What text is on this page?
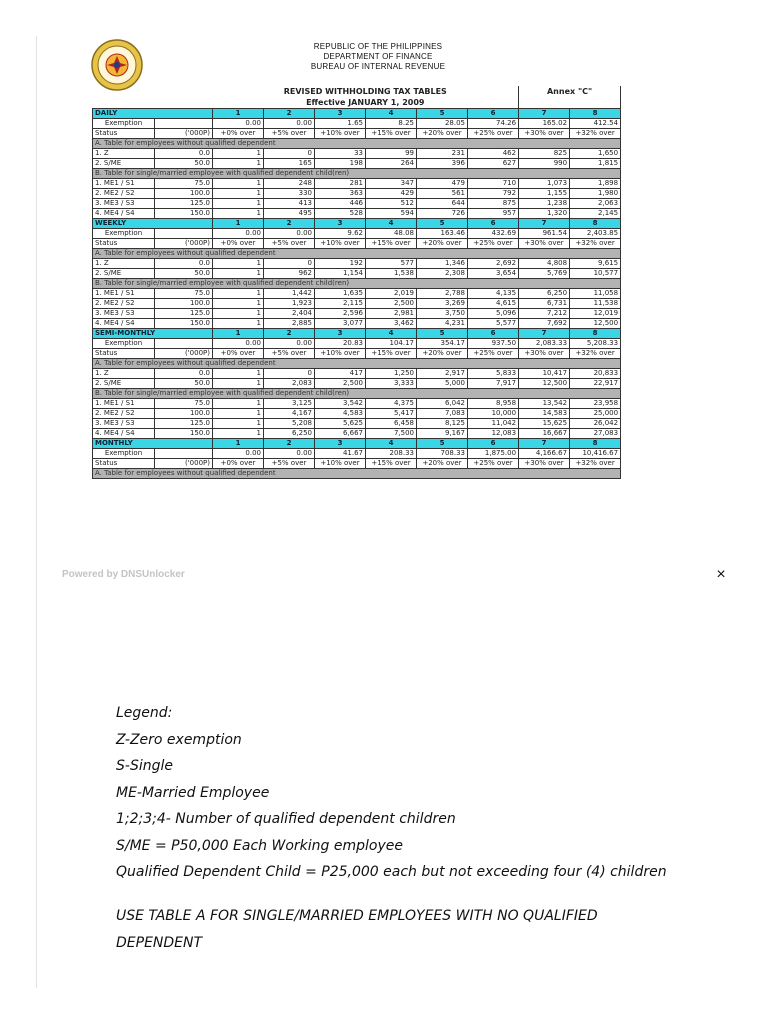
REPUBLIC OF THE PHILIPPINES
DEPARTMENT OF FINANCE
BUREAU OF INTERNAL REVENUE
		REVISED WITHHOLDING TAX TABLES						Annex "C"	
		Effective JANUARY 1, 2009							
DAILY		1	2	3	4	5	6	7	8
Exemption		0.00	0.00	1.65	8.25	28.05	74.26	165.02	412.54
Status	('000P)	+0% over	+5% over	+10% over	+15% over	+20% over	+25% over	+30% over	+32% over
A. Table for employees without qualified dependent									
1. Z	0.0	1	0	33	99	231	462	825	1,650
2. S/ME	50.0	1	165	198	264	396	627	990	1,815
B. Table for single/married employee with qualified dependent child(ren)									
1. ME1 / S1	75.0	1	248	281	347	479	710	1,073	1,898
2. ME2 / S2	100.0	1	330	363	429	561	792	1,155	1,980
3. ME3 / S3	125.0	1	413	446	512	644	875	1,238	2,063
4. ME4 / S4	150.0	1	495	528	594	726	957	1,320	2,145
WEEKLY		1	2	3	4	5	6	7	8
Exemption		0.00	0.00	9.62	48.08	163.46	432.69	961.54	2,403.85
Status	('000P)	+0% over	+5% over	+10% over	+15% over	+20% over	+25% over	+30% over	+32% over
A. Table for employees without qualified dependent									
1. Z	0.0	1	0	192	577	1,346	2,692	4,808	9,615
2. S/ME	50.0	1	962	1,154	1,538	2,308	3,654	5,769	10,577
B. Table for single/married employee with qualified dependent child(ren)									
1. ME1 / S1	75.0	1	1,442	1,635	2,019	2,788	4,135	6,250	11,058
2. ME2 / S2	100.0	1	1,923	2,115	2,500	3,269	4,615	6,731	11,538
3. ME3 / S3	125.0	1	2,404	2,596	2,981	3,750	5,096	7,212	12,019
4. ME4 / S4	150.0	1	2,885	3,077	3,462	4,231	5,577	7,692	12,500
SEMI-MONTHLY		1	2	3	4	5	6	7	8
Exemption		0.00	0.00	20.83	104.17	354.17	937.50	2,083.33	5,208.33
Status	('000P)	+0% over	+5% over	+10% over	+15% over	+20% over	+25% over	+30% over	+32% over
A. Table for employees without qualified dependent									
1. Z	0.0	1	0	417	1,250	2,917	5,833	10,417	20,833
2. S/ME	50.0	1	2,083	2,500	3,333	5,000	7,917	12,500	22,917
B. Table for single/married employee with qualified dependent child(ren)									
1. ME1 / S1	75.0	1	3,125	3,542	4,375	6,042	8,958	13,542	23,958
2. ME2 / S2	100.0	1	4,167	4,583	5,417	7,083	10,000	14,583	25,000
3. ME3 / S3	125.0	1	5,208	5,625	6,458	8,125	11,042	15,625	26,042
4. ME4 / S4	150.0	1	6,250	6,667	7,500	9,167	12,083	16,667	27,083
MONTHLY		1	2	3	4	5	6	7	8
Exemption		0.00	0.00	41.67	208.33	708.33	1,875.00	4,166.67	10,416.67
Status	('000P)	+0% over	+5% over	+10% over	+15% over	+20% over	+25% over	+30% over	+32% over
A. Table for employees without qualified dependent									
Powered by DNSUnlocker	×
Legend:
Z-Zero exemption
S-Single
ME-Married Employee
1;2;3;4- Number of qualified dependent children
S/ME = P50,000 Each Working employee
Qualified Dependent Child = P25,000 each but not exceeding four (4) children
USE TABLE A FOR SINGLE/MARRIED EMPLOYEES WITH NO QUALIFIED DEPENDENT
